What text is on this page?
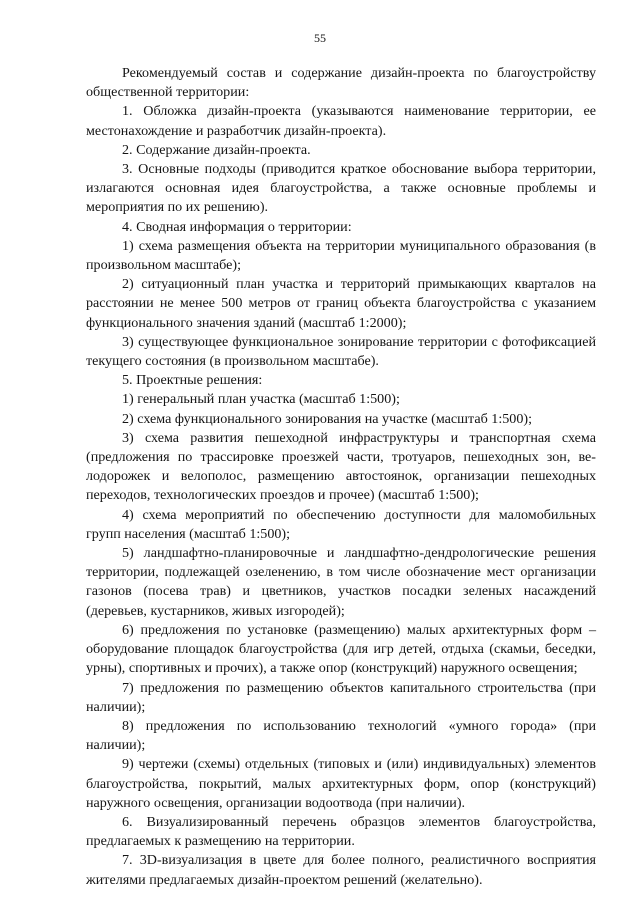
55

Рекомендуемый состав и содержание дизайн-проекта по благоустройству общественной территории:

1. Обложка дизайн-проекта (указываются наименование территории, ее местонахождение и разработчик дизайн-проекта).

2. Содержание дизайн-проекта.

3. Основные подходы (приводится краткое обоснование выбора территории, излагаются основная идея благоустройства, а также основные проблемы и мероприятия по их решению).

4. Сводная информация о территории:

1) схема размещения объекта на территории муниципального образования (в произвольном масштабе);

2) ситуационный план участка и территорий примыкающих кварталов на расстоянии не менее 500 метров от границ объекта благоустройства с указанием функционального значения зданий (масштаб 1:2000);

3) существующее функциональное зонирование территории с фотофиксацией текущего состояния (в произвольном масштабе).

5. Проектные решения:

1) генеральный план участка (масштаб 1:500);

2) схема функционального зонирования на участке (масштаб 1:500);

3) схема развития пешеходной инфраструктуры и транспортная схема (предложения по трассировке проезжей части, тротуаров, пешеходных зон, велодорожек и велополос, размещению автостоянок, организации пешеходных переходов, технологических проездов и прочее) (масштаб 1:500);

4) схема мероприятий по обеспечению доступности для маломобильных групп населения (масштаб 1:500);

5) ландшафтно-планировочные и ландшафтно-дендрологические решения территории, подлежащей озеленению, в том числе обозначение мест организации газонов (посева трав) и цветников, участков посадки зеленых насаждений (деревьев, кустарников, живых изгородей);

6) предложения по установке (размещению) малых архитектурных форм – оборудование площадок благоустройства (для игр детей, отдыха (скамьи, беседки, урны), спортивных и прочих), а также опор (конструкций) наружного освещения;

7) предложения по размещению объектов капитального строительства (при наличии);

8) предложения по использованию технологий «умного города» (при наличии);

9) чертежи (схемы) отдельных (типовых и (или) индивидуальных) элементов благоустройства, покрытий, малых архитектурных форм, опор (конструкций) наружного освещения, организации водоотвода (при наличии).

6. Визуализированный перечень образцов элементов благоустройства, предлагаемых к размещению на территории.

7. 3D-визуализация в цвете для более полного, реалистичного восприятия жителями предлагаемых дизайн-проектом решений (желательно).
